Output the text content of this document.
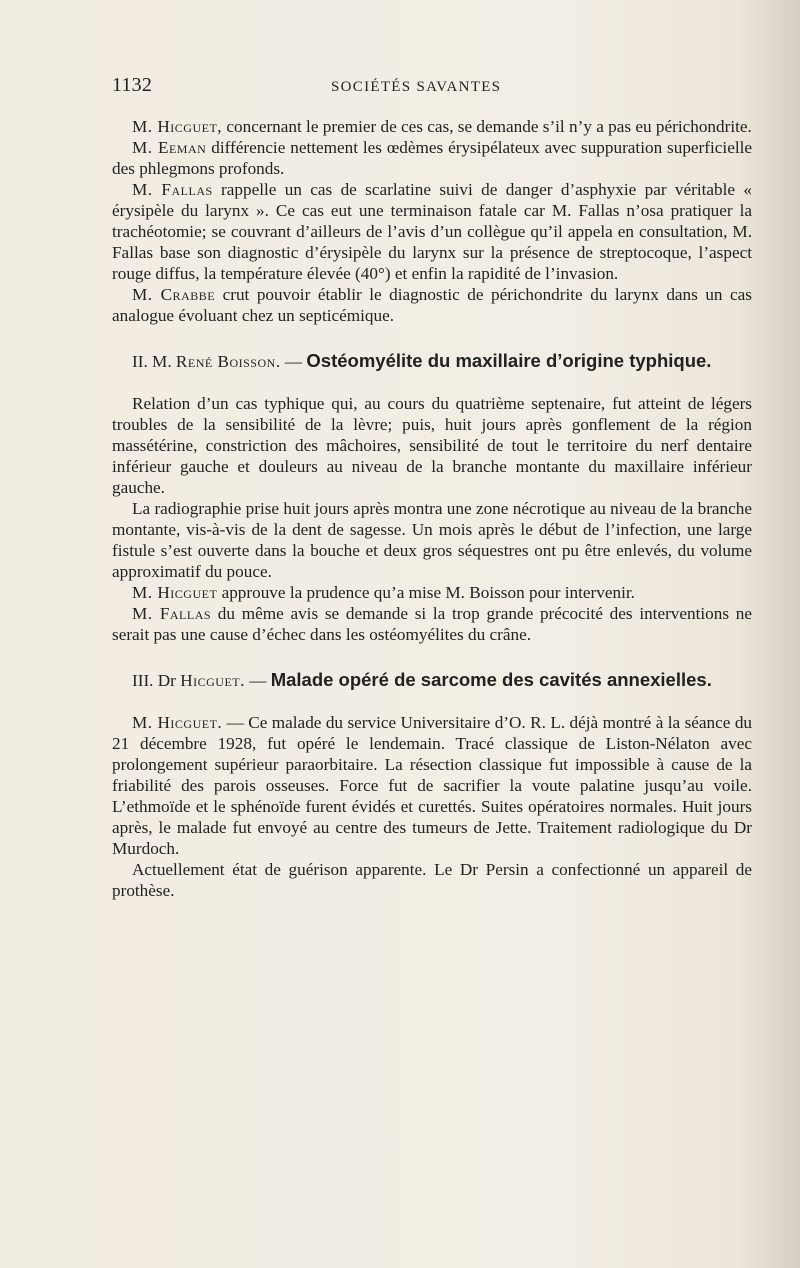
1132	SOCIÉTÉS SAVANTES

M. Hicguet, concernant le premier de ces cas, se demande s’il n’y a pas eu périchondrite.

M. Eeman différencie nettement les œdèmes érysipélateux avec suppuration superficielle des phlegmons profonds.

M. Fallas rappelle un cas de scarlatine suivi de danger d’asphyxie par véritable « érysipèle du larynx ». Ce cas eut une terminaison fatale car M. Fallas n’osa pratiquer la trachéotomie; se couvrant d’ailleurs de l’avis d’un collègue qu’il appela en consultation, M. Fallas base son diagnostic d’érysipèle du larynx sur la présence de streptocoque, l’aspect rouge diffus, la température élevée (40°) et enfin la rapidité de l’invasion.

M. Crabbe crut pouvoir établir le diagnostic de périchondrite du larynx dans un cas analogue évoluant chez un septicémique.

II. M. René Boisson. — Ostéomyélite du maxillaire d’origine typhique.

Relation d’un cas typhique qui, au cours du quatrième septenaire, fut atteint de légers troubles de la sensibilité de la lèvre; puis, huit jours après gonflement de la région massétérine, constriction des mâchoires, sensibilité de tout le territoire du nerf dentaire inférieur gauche et douleurs au niveau de la branche montante du maxillaire inférieur gauche.

La radiographie prise huit jours après montra une zone nécrotique au niveau de la branche montante, vis-à-vis de la dent de sagesse. Un mois après le début de l’infection, une large fistule s’est ouverte dans la bouche et deux gros séquestres ont pu être enlevés, du volume approximatif du pouce.

M. Hicguet approuve la prudence qu’a mise M. Boisson pour intervenir.

M. Fallas du même avis se demande si la trop grande précocité des interventions ne serait pas une cause d’échec dans les ostéomyélites du crâne.

III. Dr Hicguet. — Malade opéré de sarcome des cavités annexielles.

M. Hicguet. — Ce malade du service Universitaire d’O. R. L. déjà montré à la séance du 21 décembre 1928, fut opéré le lendemain. Tracé classique de Liston-Nélaton avec prolongement supérieur paraorbitaire. La résection classique fut impossible à cause de la friabilité des parois osseuses. Force fut de sacrifier la voute palatine jusqu’au voile. L’ethmoïde et le sphénoïde furent évidés et curettés. Suites opératoires normales. Huit jours après, le malade fut envoyé au centre des tumeurs de Jette. Traitement radiologique du Dr Murdoch.

Actuellement état de guérison apparente. Le Dr Persin a confectionné un appareil de prothèse.
